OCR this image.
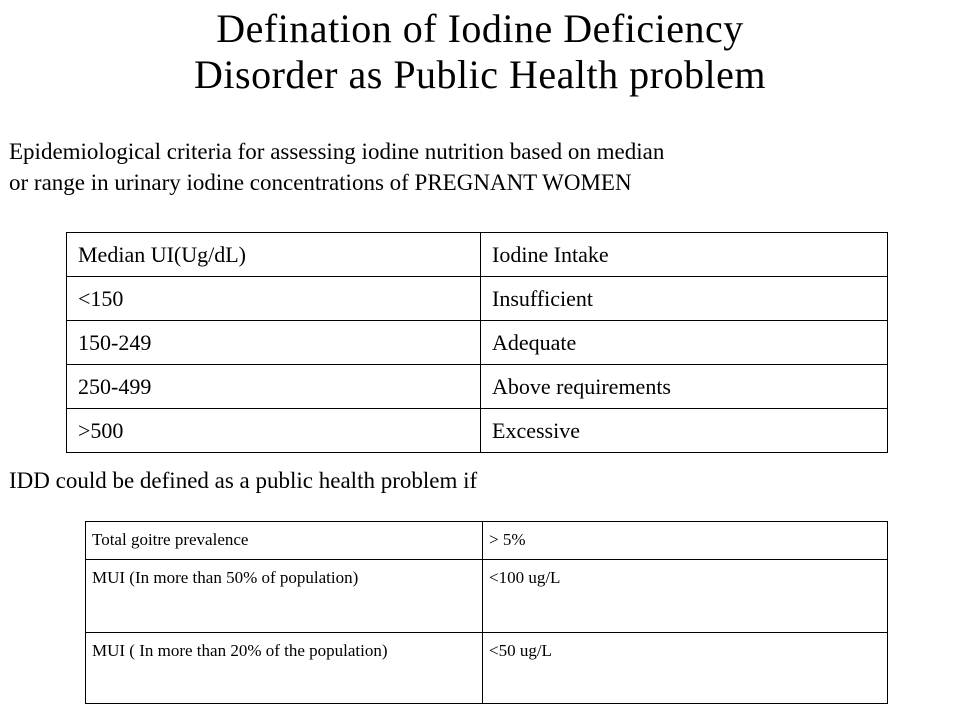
Defination of Iodine Deficiency
Disorder as Public Health problem
Epidemiological criteria for assessing iodine nutrition based on median
or range in urinary iodine concentrations of PREGNANT WOMEN
Median UI(Ug/dL)	Iodine Intake
<150	Insufficient
150-249	Adequate
250-499	Above requirements
>500	Excessive
IDD could be defined as a public health problem if
Total goitre prevalence	> 5%
MUI (In more than 50% of population)	<100 ug/L
MUI ( In more than 20% of the population)	<50 ug/L
